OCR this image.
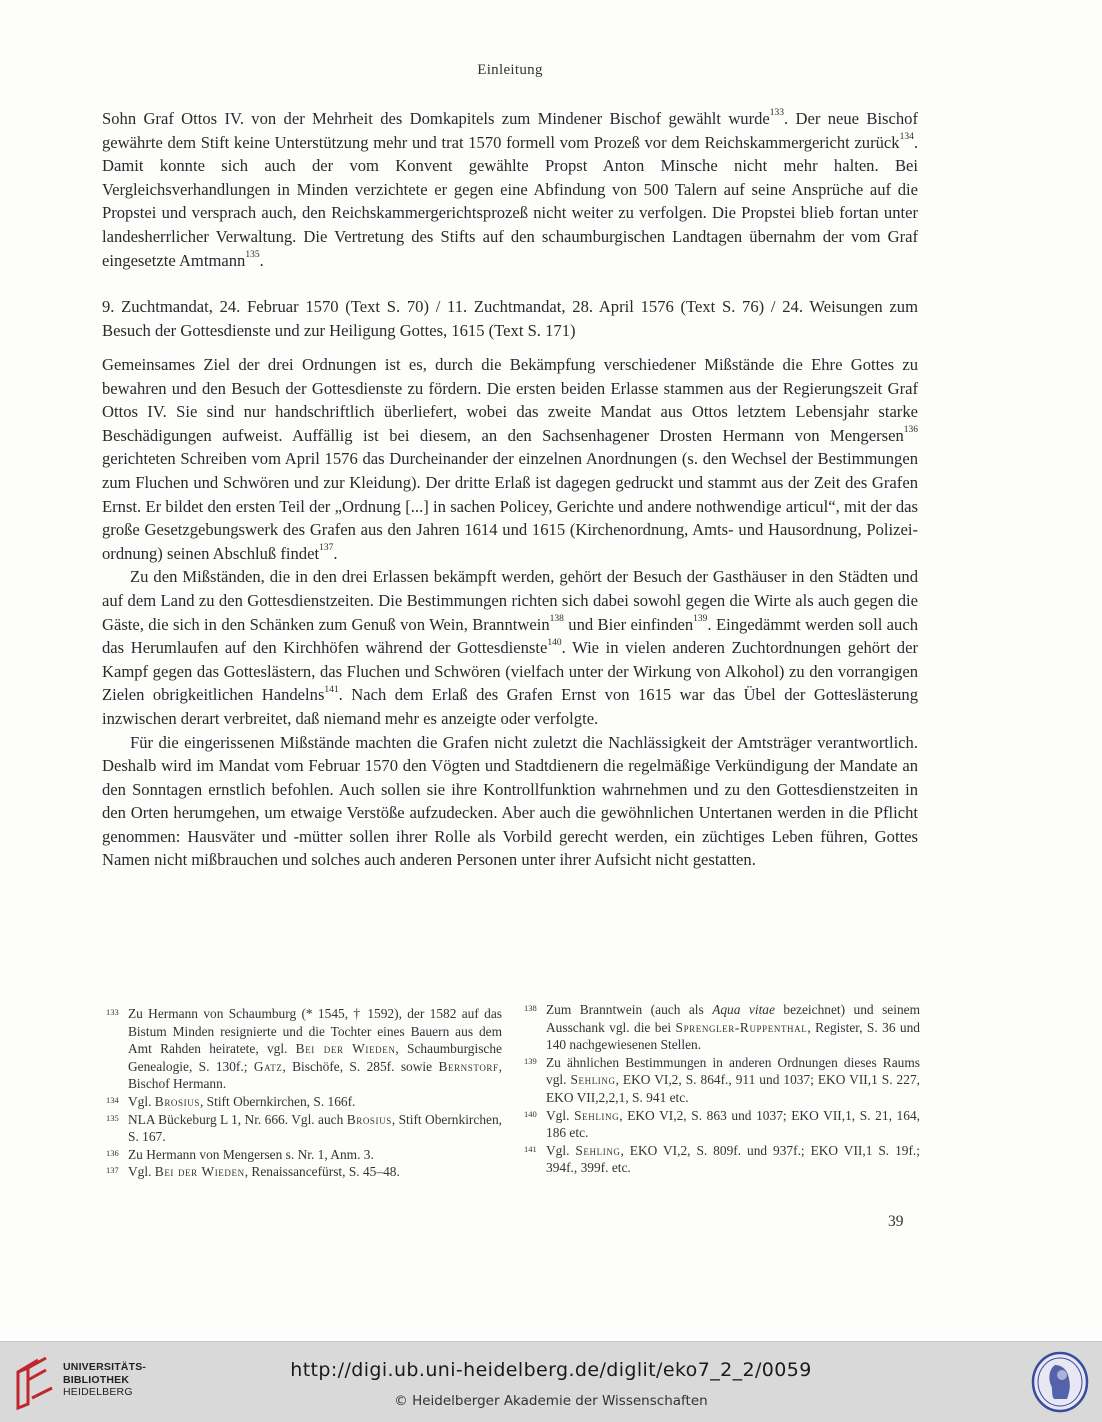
Einleitung

Sohn Graf Ottos IV. von der Mehrheit des Domkapitels zum Mindener Bischof gewählt wurde$^{133}$. Der neue Bischof gewährte dem Stift keine Unterstützung mehr und trat 1570 formell vom Prozeß vor dem Reichskammergericht zurück$^{134}$. Damit konnte sich auch der vom Konvent gewählte Propst Anton Minsche nicht mehr halten. Bei Vergleichsverhandlungen in Minden verzichtete er gegen eine Abfindung von 500 Talern auf seine Ansprüche auf die Propstei und versprach auch, den Reichskammergerichtsprozeß nicht weiter zu verfolgen. Die Propstei blieb fortan unter landesherrlicher Verwaltung. Die Vertretung des Stifts auf den schaumburgischen Landtagen übernahm der vom Graf eingesetzte Amtmann$^{135}$.

9. Zuchtmandat, 24. Februar 1570 (Text S. 70) / 11. Zuchtmandat, 28. April 1576 (Text S. 76) / 24. Weisungen zum Besuch der Gottesdienste und zur Heiligung Gottes, 1615 (Text S. 171)

Gemeinsames Ziel der drei Ordnungen ist es, durch die Bekämpfung verschiedener Mißstände die Ehre Gottes zu bewahren und den Besuch der Gottesdienste zu fördern. Die ersten beiden Erlasse stammen aus der Regierungszeit Graf Ottos IV. Sie sind nur handschriftlich überliefert, wobei das zweite Mandat aus Ottos letztem Lebensjahr starke Beschädigungen aufweist. Auffällig ist bei diesem, an den Sachsenhagener Drosten Hermann von Mengersen$^{136}$ gerichteten Schreiben vom April 1576 das Durcheinander der einzelnen Anordnungen (s. den Wechsel der Bestimmungen zum Fluchen und Schwören und zur Kleidung). Der dritte Erlaß ist dagegen gedruckt und stammt aus der Zeit des Grafen Ernst. Er bildet den ersten Teil der „Ordnung [...] in sachen Policey, Gerichte und andere nothwendige articul“, mit der das große Gesetzgebungswerk des Grafen aus den Jahren 1614 und 1615 (Kirchenordnung, Amts- und Hausordnung, Polizeiordnung) seinen Abschluß findet$^{137}$.

Zu den Mißständen, die in den drei Erlassen bekämpft werden, gehört der Besuch der Gasthäuser in den Städten und auf dem Land zu den Gottesdienstzeiten. Die Bestimmungen richten sich dabei sowohl gegen die Wirte als auch gegen die Gäste, die sich in den Schänken zum Genuß von Wein, Branntwein$^{138}$ und Bier einfinden$^{139}$. Eingedämmt werden soll auch das Herumlaufen auf den Kirchhöfen während der Gottesdienste$^{140}$. Wie in vielen anderen Zuchtordnungen gehört der Kampf gegen das Gotteslästern, das Fluchen und Schwören (vielfach unter der Wirkung von Alkohol) zu den vorrangigen Zielen obrigkeitlichen Handelns$^{141}$. Nach dem Erlaß des Grafen Ernst von 1615 war das Übel der Gotteslästerung inzwischen derart verbreitet, daß niemand mehr es anzeigte oder verfolgte.

Für die eingerissenen Mißstände machten die Grafen nicht zuletzt die Nachlässigkeit der Amtsträger verantwortlich. Deshalb wird im Mandat vom Februar 1570 den Vögten und Stadtdienern die regelmäßige Verkündigung der Mandate an den Sonntagen ernstlich befohlen. Auch sollen sie ihre Kontrollfunktion wahrnehmen und zu den Gottesdienstzeiten in den Orten herumgehen, um etwaige Verstöße aufzudecken. Aber auch die gewöhnlichen Untertanen werden in die Pflicht genommen: Hausväter und -mütter sollen ihrer Rolle als Vorbild gerecht werden, ein züchtiges Leben führen, Gottes Namen nicht mißbrauchen und solches auch anderen Personen unter ihrer Aufsicht nicht gestatten.

133 Zu Hermann von Schaumburg (* 1545, † 1592), der 1582 auf das Bistum Minden resignierte und die Tochter eines Bauern aus dem Amt Rahden heiratete, vgl. Bei der Wieden, Schaumburgische Genealogie, S. 130f.; Gatz, Bischöfe, S. 285f. sowie Bernstorf, Bischof Hermann.

134 Vgl. Brosius, Stift Obernkirchen, S. 166f.

135 NLA Bückeburg L 1, Nr. 666. Vgl. auch Brosius, Stift Obernkirchen, S. 167.

136 Zu Hermann von Mengersen s. Nr. 1, Anm. 3.

137 Vgl. Bei der Wieden, Renaissancefürst, S. 45–48.

138 Zum Branntwein (auch als Aqua vitae bezeichnet) und seinem Ausschank vgl. die bei Sprengler-Ruppenthal, Register, S. 36 und 140 nachgewiesenen Stellen.

139 Zu ähnlichen Bestimmungen in anderen Ordnungen dieses Raums vgl. Sehling, EKO VI,2, S. 864f., 911 und 1037; EKO VII,1 S. 227, EKO VII,2,2,1, S. 941 etc.

140 Vgl. Sehling, EKO VI,2, S. 863 und 1037; EKO VII,1, S. 21, 164, 186 etc.

141 Vgl. Sehling, EKO VI,2, S. 809f. und 937f.; EKO VII,1 S. 19f.; 394f., 399f. etc.

39
UNIVERSITÄTS-
BIBLIOTHEK
HEIDELBERG
http://digi.ub.uni-heidelberg.de/diglit/eko7_2_2/0059
© Heidelberger Akademie der Wissenschaften
